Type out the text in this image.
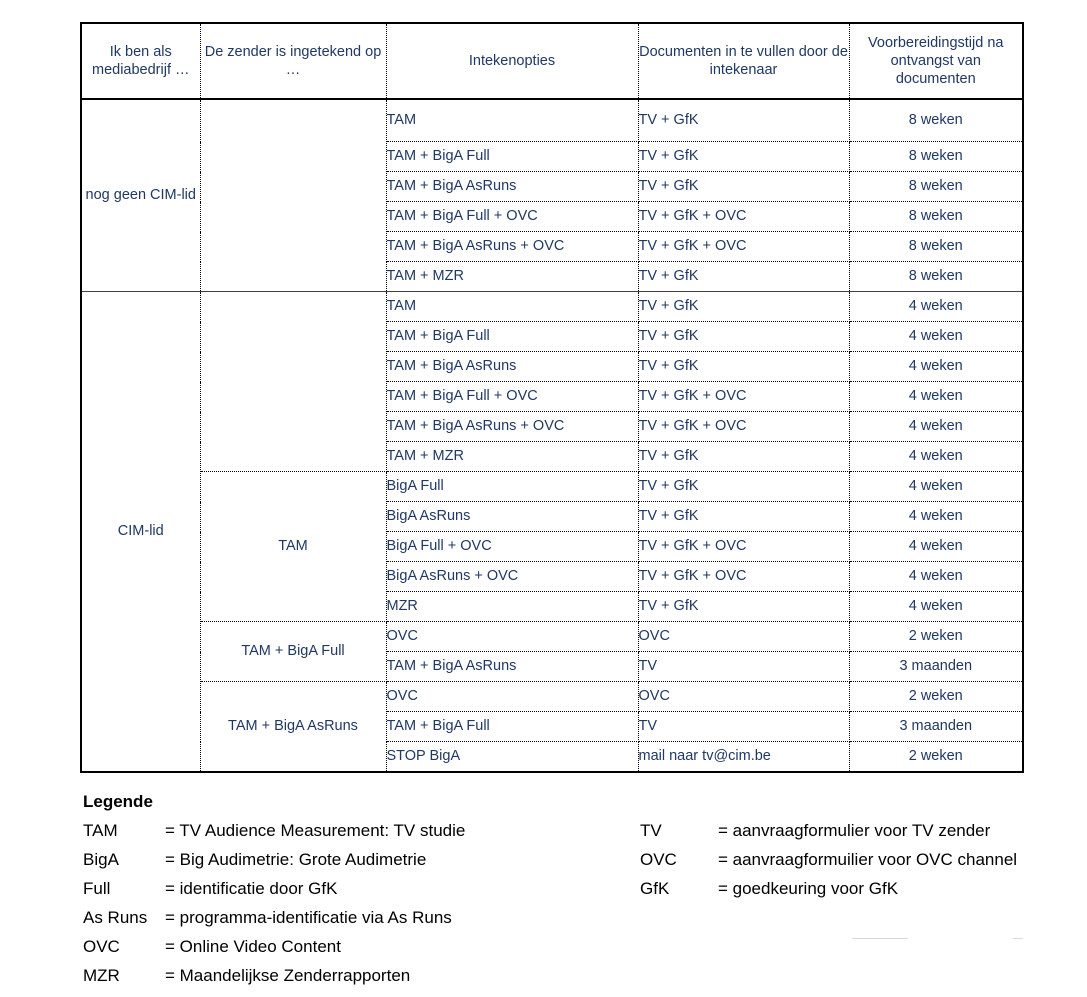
Ik ben als mediabedrijf …	De zender is ingetekend op …	Intekenopties	Documenten in te vullen door de intekenaar	Voorbereidingstijd na ontvangst van documenten
nog geen CIM-lid		TAM	TV + GfK	8 weken
		TAM + BigA Full	TV + GfK	8 weken
		TAM + BigA AsRuns	TV + GfK	8 weken
		TAM + BigA Full + OVC	TV + GfK + OVC	8 weken
		TAM + BigA AsRuns + OVC	TV + GfK + OVC	8 weken
		TAM + MZR	TV + GfK	8 weken
CIM-lid		TAM	TV + GfK	4 weken
		TAM + BigA Full	TV + GfK	4 weken
		TAM + BigA AsRuns	TV + GfK	4 weken
		TAM + BigA Full + OVC	TV + GfK + OVC	4 weken
		TAM + BigA AsRuns + OVC	TV + GfK + OVC	4 weken
		TAM + MZR	TV + GfK	4 weken
	TAM	BigA Full	TV + GfK	4 weken
		BigA AsRuns	TV + GfK	4 weken
		BigA Full + OVC	TV + GfK + OVC	4 weken
		BigA AsRuns + OVC	TV + GfK + OVC	4 weken
		MZR	TV + GfK	4 weken
	TAM + BigA Full	OVC	OVC	2 weken
		TAM + BigA AsRuns	TV	3 maanden
	TAM + BigA AsRuns	OVC	OVC	2 weken
		TAM + BigA Full	TV	3 maanden
		STOP BigA	mail naar tv@cim.be	2 weken
Legende
TAM	= TV Audience Measurement: TV studie
BigA	= Big Audimetrie: Grote Audimetrie
Full	= identificatie door GfK
As Runs = programma-identificatie via As Runs
OVC	= Online Video Content
MZR	= Maandelijkse Zenderrapporten
TV	= aanvraagformulier voor TV zender
OVC = aanvraagformuilier voor OVC channel
GfK	= goedkeuring voor GfK
